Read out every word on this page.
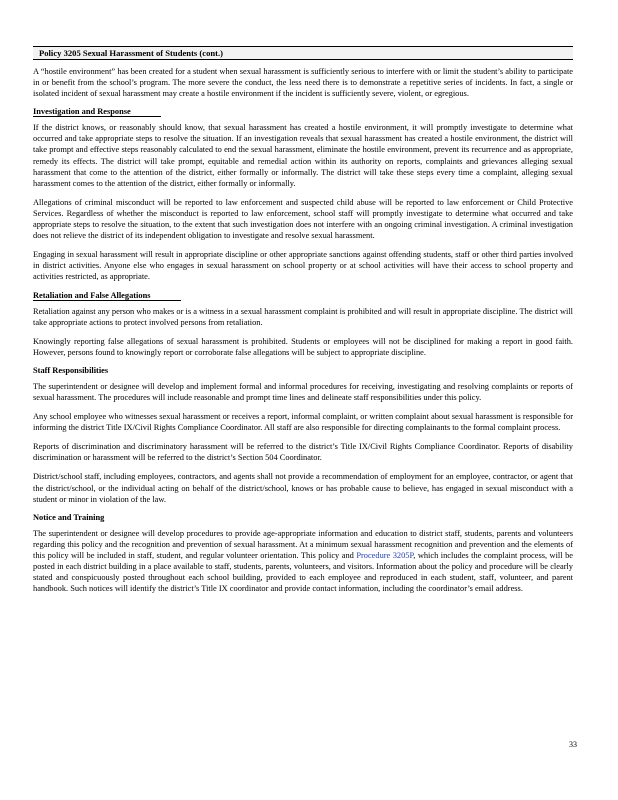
Policy 3205 Sexual Harassment of Students (cont.)

A “hostile environment” has been created for a student when sexual harassment is sufficiently serious to interfere with or limit the student’s ability to participate in or benefit from the school’s program. The more severe the conduct, the less need there is to demonstrate a repetitive series of incidents. In fact, a single or isolated incident of sexual harassment may create a hostile environment if the incident is sufficiently severe, violent, or egregious.

Investigation and Response

If the district knows, or reasonably should know, that sexual harassment has created a hostile environment, it will promptly investigate to determine what occurred and take appropriate steps to resolve the situation. If an investigation reveals that sexual harassment has created a hostile environment, the district will take prompt and effective steps reasonably calculated to end the sexual harassment, eliminate the hostile environment, prevent its recurrence and as appropriate, remedy its effects. The district will take prompt, equitable and remedial action within its authority on reports, complaints and grievances alleging sexual harassment that come to the attention of the district, either formally or informally. The district will take these steps every time a complaint, alleging sexual harassment comes to the attention of the district, either formally or informally.

Allegations of criminal misconduct will be reported to law enforcement and suspected child abuse will be reported to law enforcement or Child Protective Services. Regardless of whether the misconduct is reported to law enforcement, school staff will promptly investigate to determine what occurred and take appropriate steps to resolve the situation, to the extent that such investigation does not interfere with an ongoing criminal investigation. A criminal investigation does not relieve the district of its independent obligation to investigate and resolve sexual harassment.

Engaging in sexual harassment will result in appropriate discipline or other appropriate sanctions against offending students, staff or other third parties involved in district activities. Anyone else who engages in sexual harassment on school property or at school activities will have their access to school property and activities restricted, as appropriate.

Retaliation and False Allegations

Retaliation against any person who makes or is a witness in a sexual harassment complaint is prohibited and will result in appropriate discipline. The district will take appropriate actions to protect involved persons from retaliation.

Knowingly reporting false allegations of sexual harassment is prohibited. Students or employees will not be disciplined for making a report in good faith. However, persons found to knowingly report or corroborate false allegations will be subject to appropriate discipline.

Staff Responsibilities

The superintendent or designee will develop and implement formal and informal procedures for receiving, investigating and resolving complaints or reports of sexual harassment. The procedures will include reasonable and prompt time lines and delineate staff responsibilities under this policy.

Any school employee who witnesses sexual harassment or receives a report, informal complaint, or written complaint about sexual harassment is responsible for informing the district Title IX/Civil Rights Compliance Coordinator. All staff are also responsible for directing complainants to the formal complaint process.

Reports of discrimination and discriminatory harassment will be referred to the district’s Title IX/Civil Rights Compliance Coordinator. Reports of disability discrimination or harassment will be referred to the district’s Section 504 Coordinator.

District/school staff, including employees, contractors, and agents shall not provide a recommendation of employment for an employee, contractor, or agent that the district/school, or the individual acting on behalf of the district/school, knows or has probable cause to believe, has engaged in sexual misconduct with a student or minor in violation of the law.

Notice and Training

The superintendent or designee will develop procedures to provide age-appropriate information and education to district staff, students, parents and volunteers regarding this policy and the recognition and prevention of sexual harassment. At a minimum sexual harassment recognition and prevention and the elements of this policy will be included in staff, student, and regular volunteer orientation. This policy and Procedure 3205P, which includes the complaint process, will be posted in each district building in a place available to staff, students, parents, volunteers, and visitors. Information about the policy and procedure will be clearly stated and conspicuously posted throughout each school building, provided to each employee and reproduced in each student, staff, volunteer, and parent handbook. Such notices will identify the district’s Title IX coordinator and provide contact information, including the coordinator’s email address.

33
